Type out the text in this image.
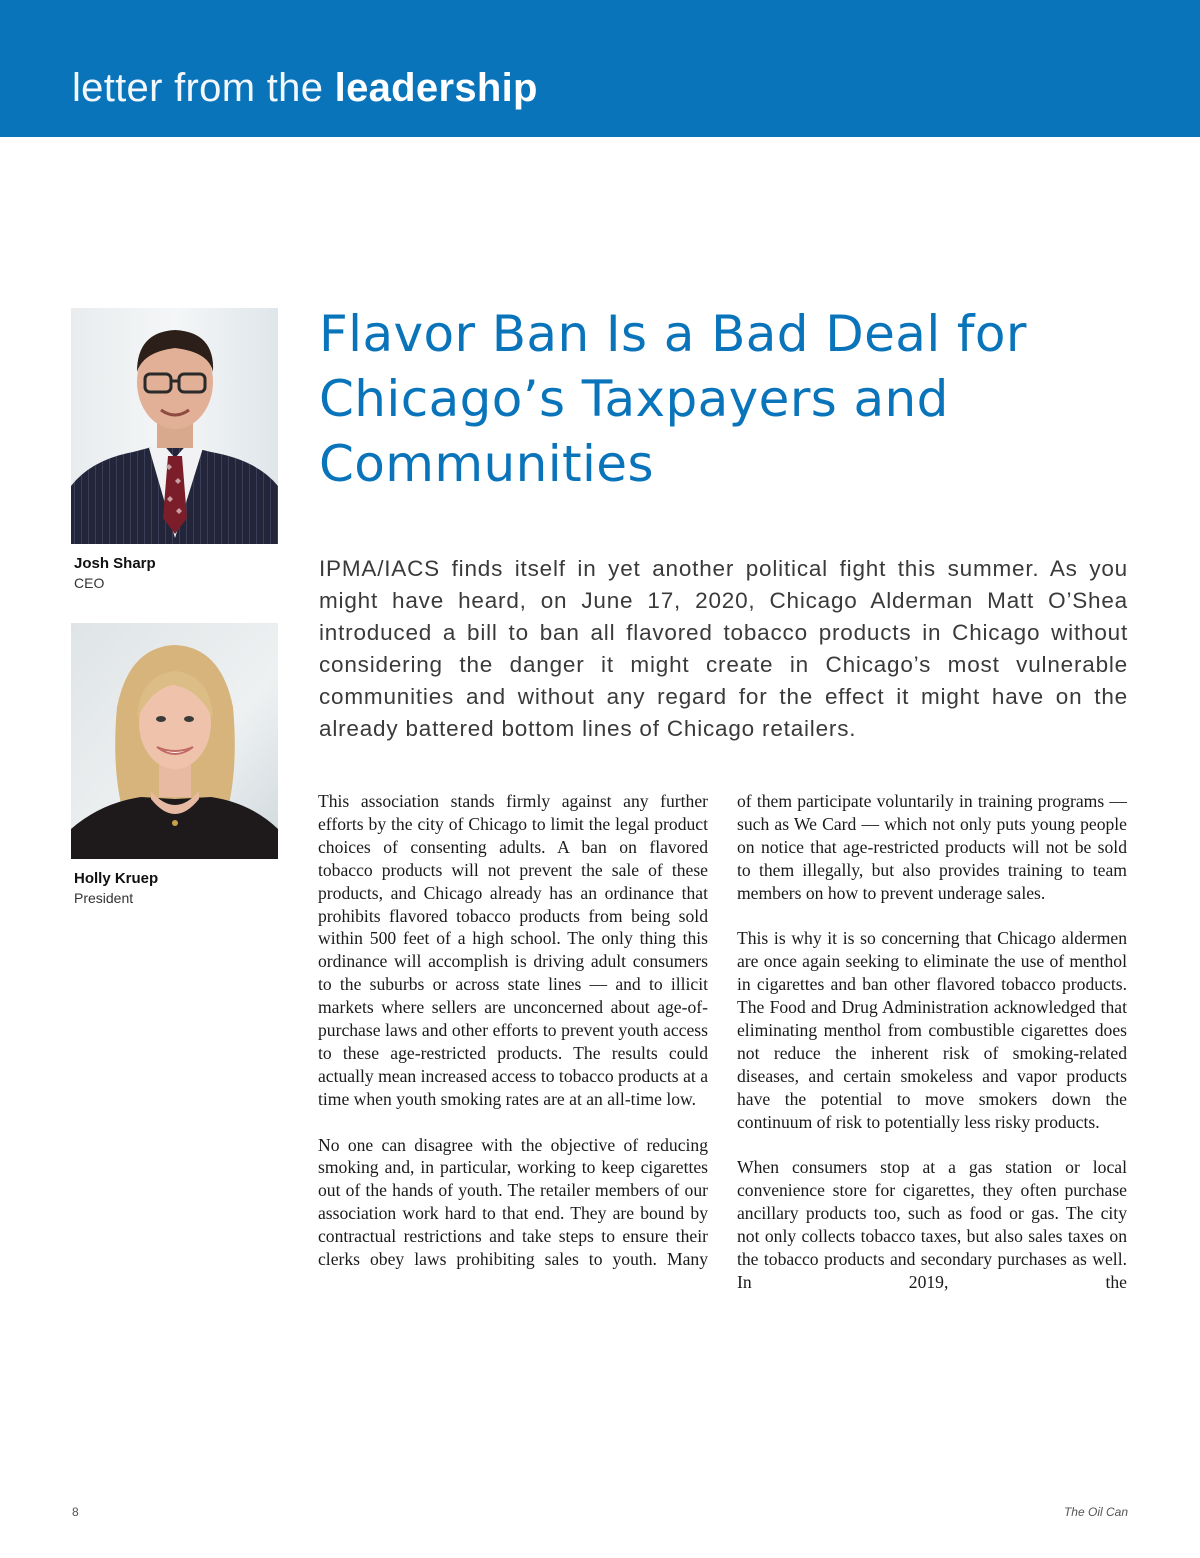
letter from the leadership

Josh Sharp

CEO

Holly Kruep

President

Flavor Ban Is a Bad Deal for Chicago’s Taxpayers and Communities

IPMA/IACS finds itself in yet another political fight this summer. As you might have heard, on June 17, 2020, Chicago Alderman Matt O’Shea introduced a bill to ban all flavored tobacco products in Chicago without considering the danger it might create in Chicago’s most vulnerable communities and without any regard for the effect it might have on the already battered bottom lines of Chicago retailers.

This association stands firmly against any further efforts by the city of Chicago to limit the legal product choices of consenting adults. A ban on flavored tobacco products will not prevent the sale of these products, and Chicago already has an ordinance that prohibits flavored tobacco products from being sold within 500 feet of a high school. The only thing this ordinance will accomplish is driving adult consumers to the suburbs or across state lines — and to illicit markets where sellers are unconcerned about age-of-purchase laws and other efforts to prevent youth access to these age-restricted products. The results could actually mean increased access to tobacco products at a time when youth smoking rates are at an all-time low.

No one can disagree with the objective of reducing smoking and, in particular, working to keep cigarettes out of the hands of youth. The retailer members of our association work hard to that end. They are bound by contractual restrictions and take steps to ensure their clerks obey laws prohibiting sales to youth. Many

of them participate voluntarily in training programs — such as We Card — which not only puts young people on notice that age-restricted products will not be sold to them illegally, but also provides training to team members on how to prevent underage sales.

This is why it is so concerning that Chicago aldermen are once again seeking to eliminate the use of menthol in cigarettes and ban other flavored tobacco products. The Food and Drug Administration acknowledged that eliminating menthol from combustible cigarettes does not reduce the inherent risk of smoking-related diseases, and certain smokeless and vapor products have the potential to move smokers down the continuum of risk to potentially less risky products.

When consumers stop at a gas station or local convenience store for cigarettes, they often purchase ancillary products too, such as food or gas. The city not only collects tobacco taxes, but also sales taxes on the tobacco products and secondary purchases as well. In 2019, the

8	The Oil Can
